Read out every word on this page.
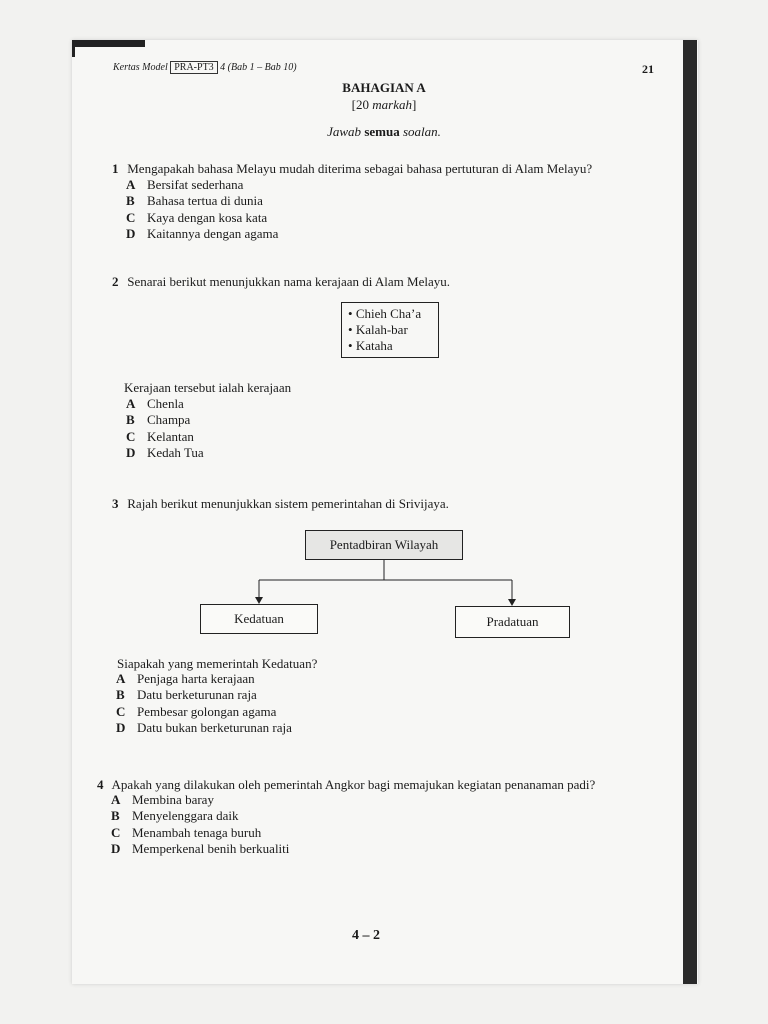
Kertas Model PRA-PT3 4 (Bab 1 – Bab 10)	21
BAHAGIAN A
[20 markah]
Jawab semua soalan.
1 Mengapakah bahasa Melayu mudah diterima sebagai bahasa pertuturan di Alam Melayu?
A Bersifat sederhana
B Bahasa tertua di dunia
C Kaya dengan kosa kata
D Kaitannya dengan agama
2 Senarai berikut menunjukkan nama kerajaan di Alam Melayu.
• Chieh Cha’a
• Kalah-bar
• Kataha
Kerajaan tersebut ialah kerajaan
A Chenla
B Champa
C Kelantan
D Kedah Tua
3 Rajah berikut menunjukkan sistem pemerintahan di Srivijaya.
Pentadbiran Wilayah
Kedatuan	Pradatuan
Siapakah yang memerintah Kedatuan?
A Penjaga harta kerajaan
B Datu berketurunan raja
C Pembesar golongan agama
D Datu bukan berketurunan raja
4 Apakah yang dilakukan oleh pemerintah Angkor bagi memajukan kegiatan penanaman padi?
A Membina baray
B Menyelenggara daik
C Menambah tenaga buruh
D Memperkenal benih berkualiti
4 – 2
